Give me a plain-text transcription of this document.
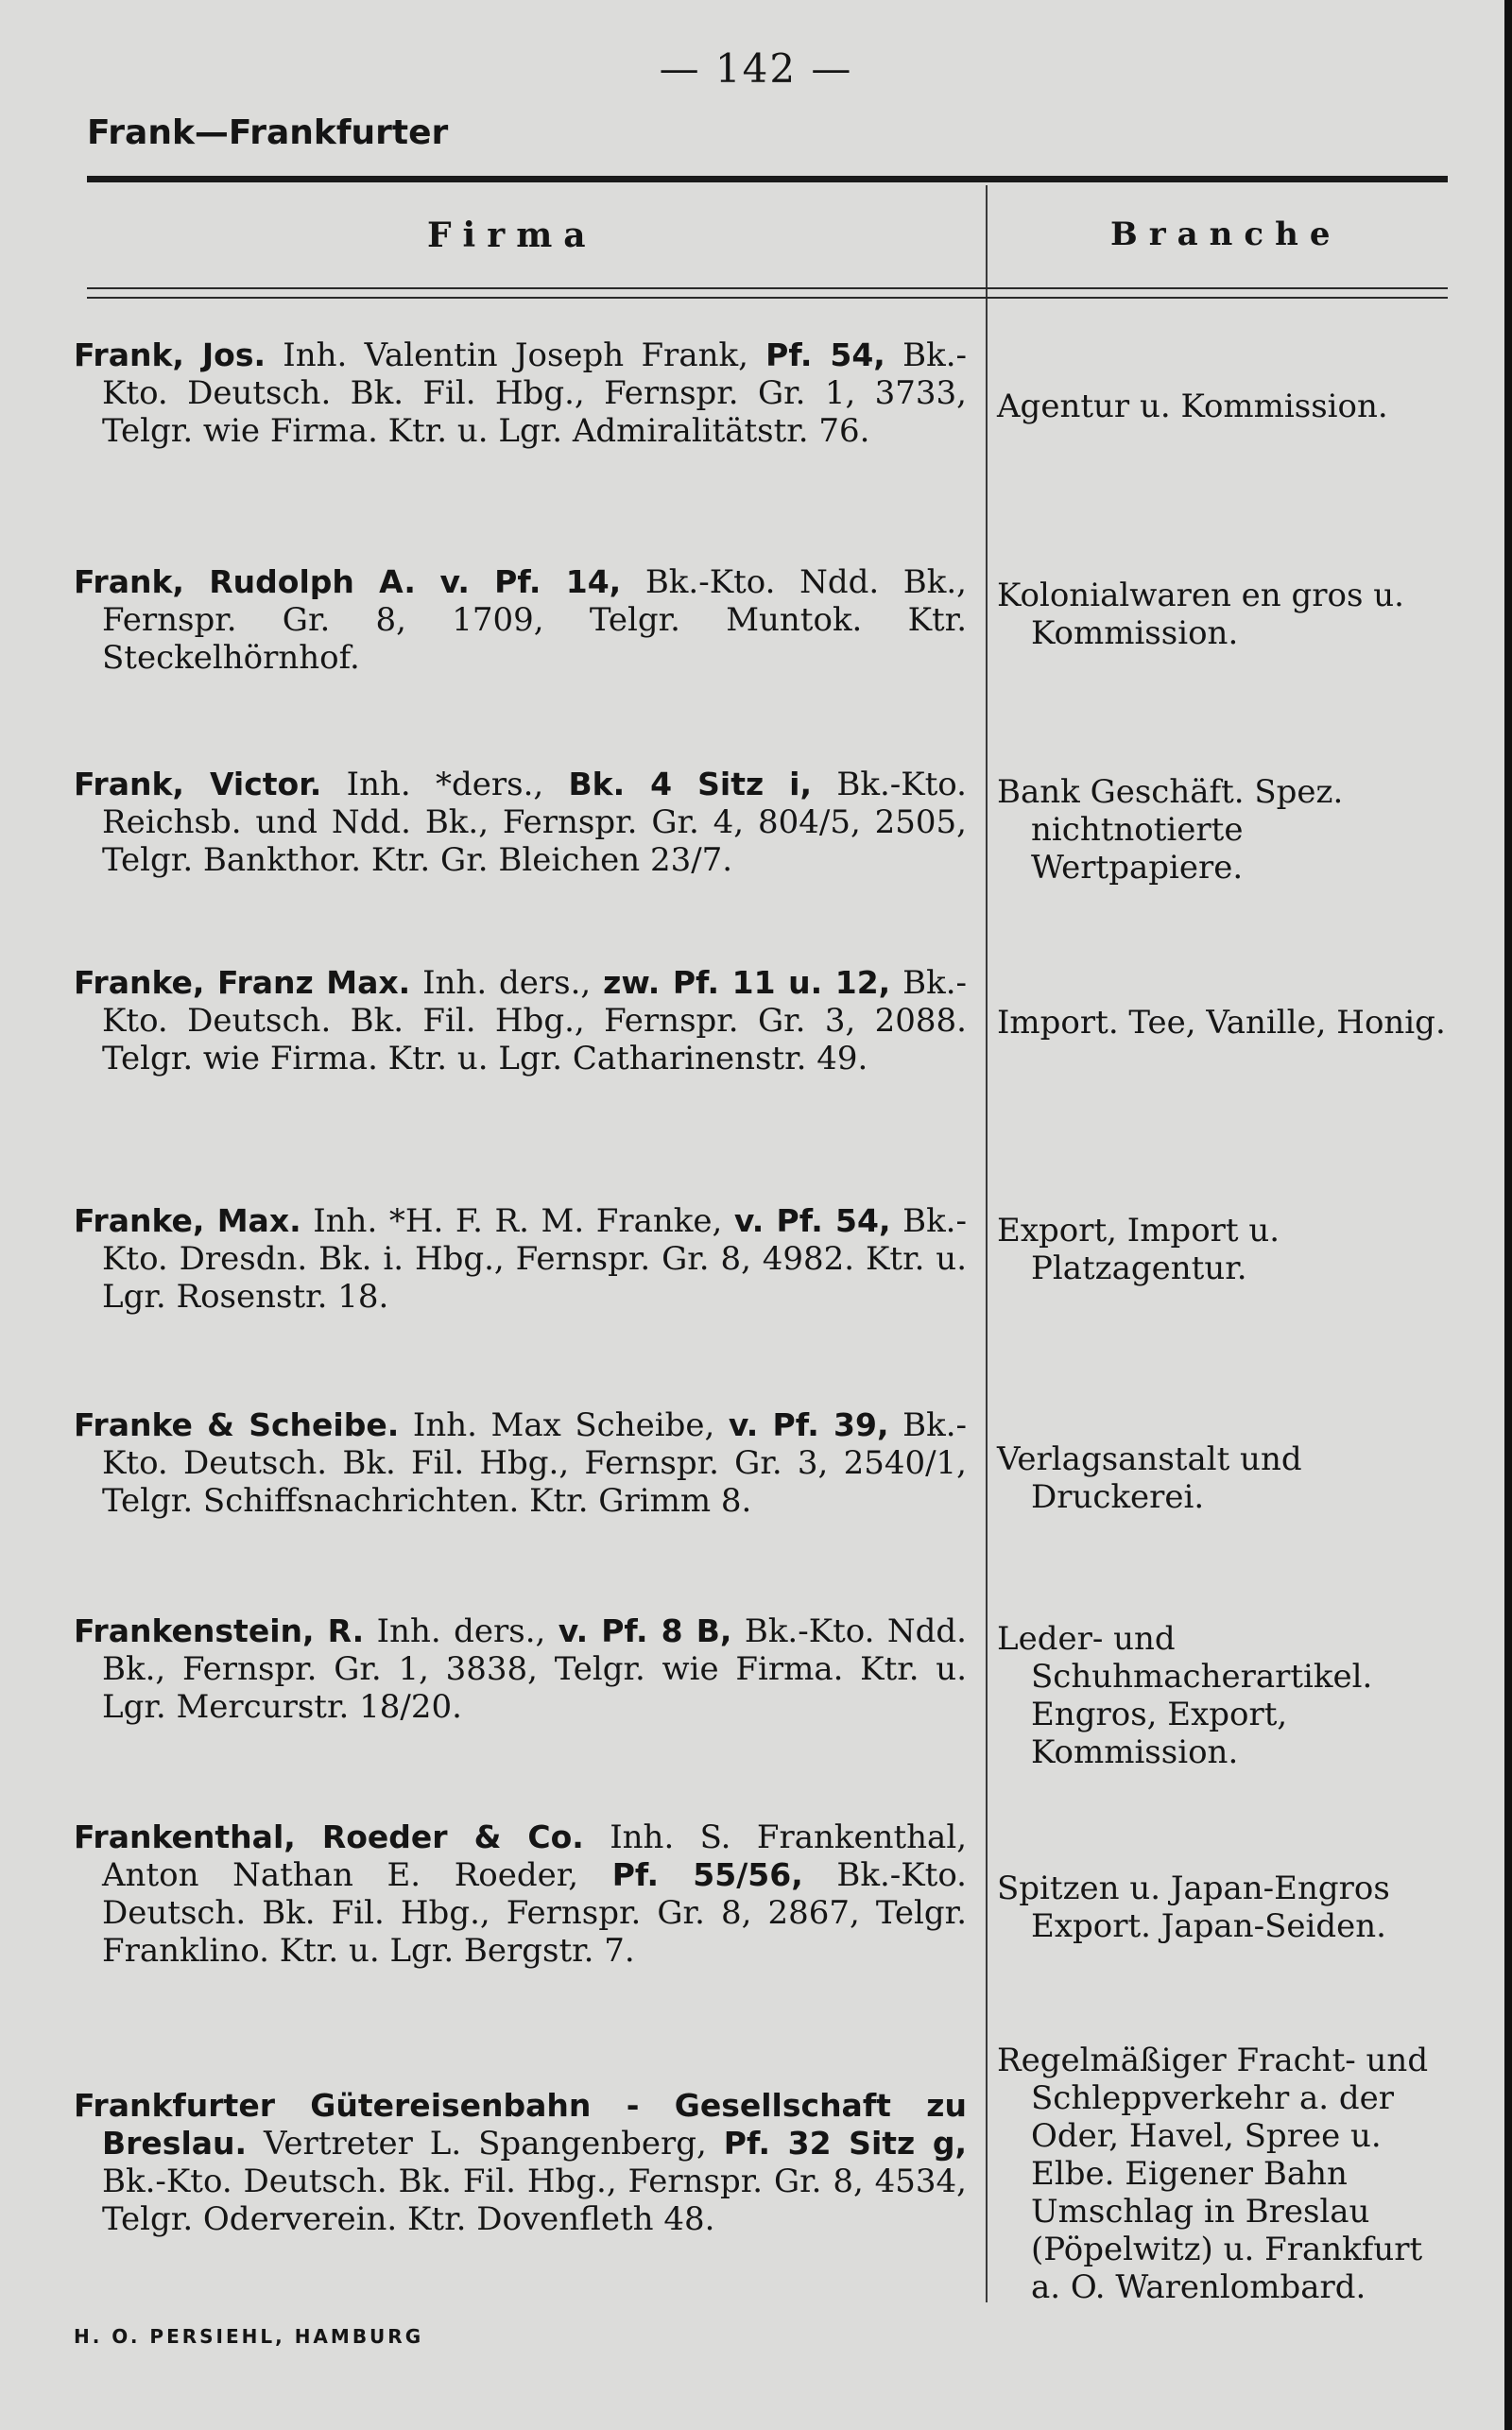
— 142 —
Frank—Frankfurter
Firma	Branche
Frank, Jos. Inh. Valentin Joseph Frank, Pf. 54, Bk.-Kto. Deutsch. Bk. Fil. Hbg., Fernspr. Gr. 1, 3733, Telgr. wie Firma. Ktr. u. Lgr. Admiralitätstr. 76.
Agentur u. Kommission.
Frank, Rudolph A. v. Pf. 14, Bk.-Kto. Ndd. Bk., Fernspr. Gr. 8, 1709, Telgr. Muntok. Ktr. Steckelhörnhof.
Kolonialwaren en gros u. Kommission.
Frank, Victor. Inh. *ders., Bk. 4 Sitz i, Bk.-Kto. Reichsb. und Ndd. Bk., Fernspr. Gr. 4, 804/5, 2505, Telgr. Bankthor. Ktr. Gr. Bleichen 23/7.
Bank Geschäft. Spez. nichtnotierte Wertpapiere.
Franke, Franz Max. Inh. ders., zw. Pf. 11 u. 12, Bk.-Kto. Deutsch. Bk. Fil. Hbg., Fernspr. Gr. 3, 2088. Telgr. wie Firma. Ktr. u. Lgr. Catharinenstr. 49.
Import. Tee, Vanille, Honig.
Franke, Max. Inh. *H. F. R. M. Franke, v. Pf. 54, Bk.-Kto. Dresdn. Bk. i. Hbg., Fernspr. Gr. 8, 4982. Ktr. u. Lgr. Rosenstr. 18.
Export, Import u. Platzagentur.
Franke & Scheibe. Inh. Max Scheibe, v. Pf. 39, Bk.-Kto. Deutsch. Bk. Fil. Hbg., Fernspr. Gr. 3, 2540/1, Telgr. Schiffsnachrichten. Ktr. Grimm 8.
Verlagsanstalt und Druckerei.
Frankenstein, R. Inh. ders., v. Pf. 8 B, Bk.-Kto. Ndd. Bk., Fernspr. Gr. 1, 3838, Telgr. wie Firma. Ktr. u. Lgr. Mercurstr. 18/20.
Leder- und Schuhmacherartikel. Engros, Export, Kommission.
Frankenthal, Roeder & Co. Inh. S. Frankenthal, Anton Nathan E. Roeder, Pf. 55/56, Bk.-Kto. Deutsch. Bk. Fil. Hbg., Fernspr. Gr. 8, 2867, Telgr. Franklino. Ktr. u. Lgr. Bergstr. 7.
Spitzen u. Japan-Engros Export. Japan-Seiden.
Frankfurter Gütereisenbahn - Gesellschaft zu Breslau. Vertreter L. Spangenberg, Pf. 32 Sitz g, Bk.-Kto. Deutsch. Bk. Fil. Hbg., Fernspr. Gr. 8, 4534, Telgr. Oderverein. Ktr. Dovenfleth 48.
Regelmäßiger Fracht- und Schleppverkehr a. der Oder, Havel, Spree u. Elbe. Eigener Bahn Umschlag in Breslau (Pöpelwitz) u. Frankfurt a. O. Warenlombard.
H. O. PERSIEHL, HAMBURG
